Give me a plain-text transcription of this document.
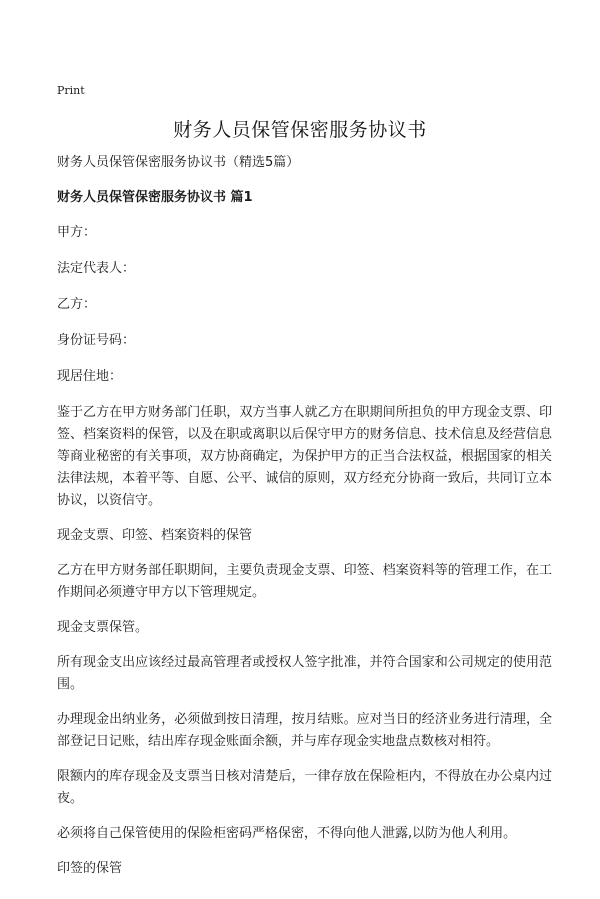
Print
财务人员保管保密服务协议书

财务人员保管保密服务协议书（精选5篇）

财务人员保管保密服务协议书 篇1

甲方：

法定代表人：

乙方：

身份证号码：

现居住地：

鉴于乙方在甲方财务部门任职，双方当事人就乙方在职期间所担负的甲方现金支票、印签、档案资料的保管，以及在职或离职以后保守甲方的财务信息、技术信息及经营信息等商业秘密的有关事项，双方协商确定，为保护甲方的正当合法权益，根据国家的相关法律法规，本着平等、自愿、公平、诚信的原则，双方经充分协商一致后，共同订立本协议，以资信守。

现金支票、印签、档案资料的保管

乙方在甲方财务部任职期间，主要负责现金支票、印签、档案资料等的管理工作，在工作期间必须遵守甲方以下管理规定。

现金支票保管。

所有现金支出应该经过最高管理者或授权人签字批准，并符合国家和公司规定的使用范围。

办理现金出纳业务，必须做到按日清理，按月结账。应对当日的经济业务进行清理，全部登记日记账，结出库存现金账面余额，并与库存现金实地盘点数核对相符。

限额内的库存现金及支票当日核对清楚后，一律存放在保险柜内，不得放在办公桌内过夜。

必须将自己保管使用的保险柜密码严格保密，不得向他人泄露,以防为他人利用。

印签的保管
